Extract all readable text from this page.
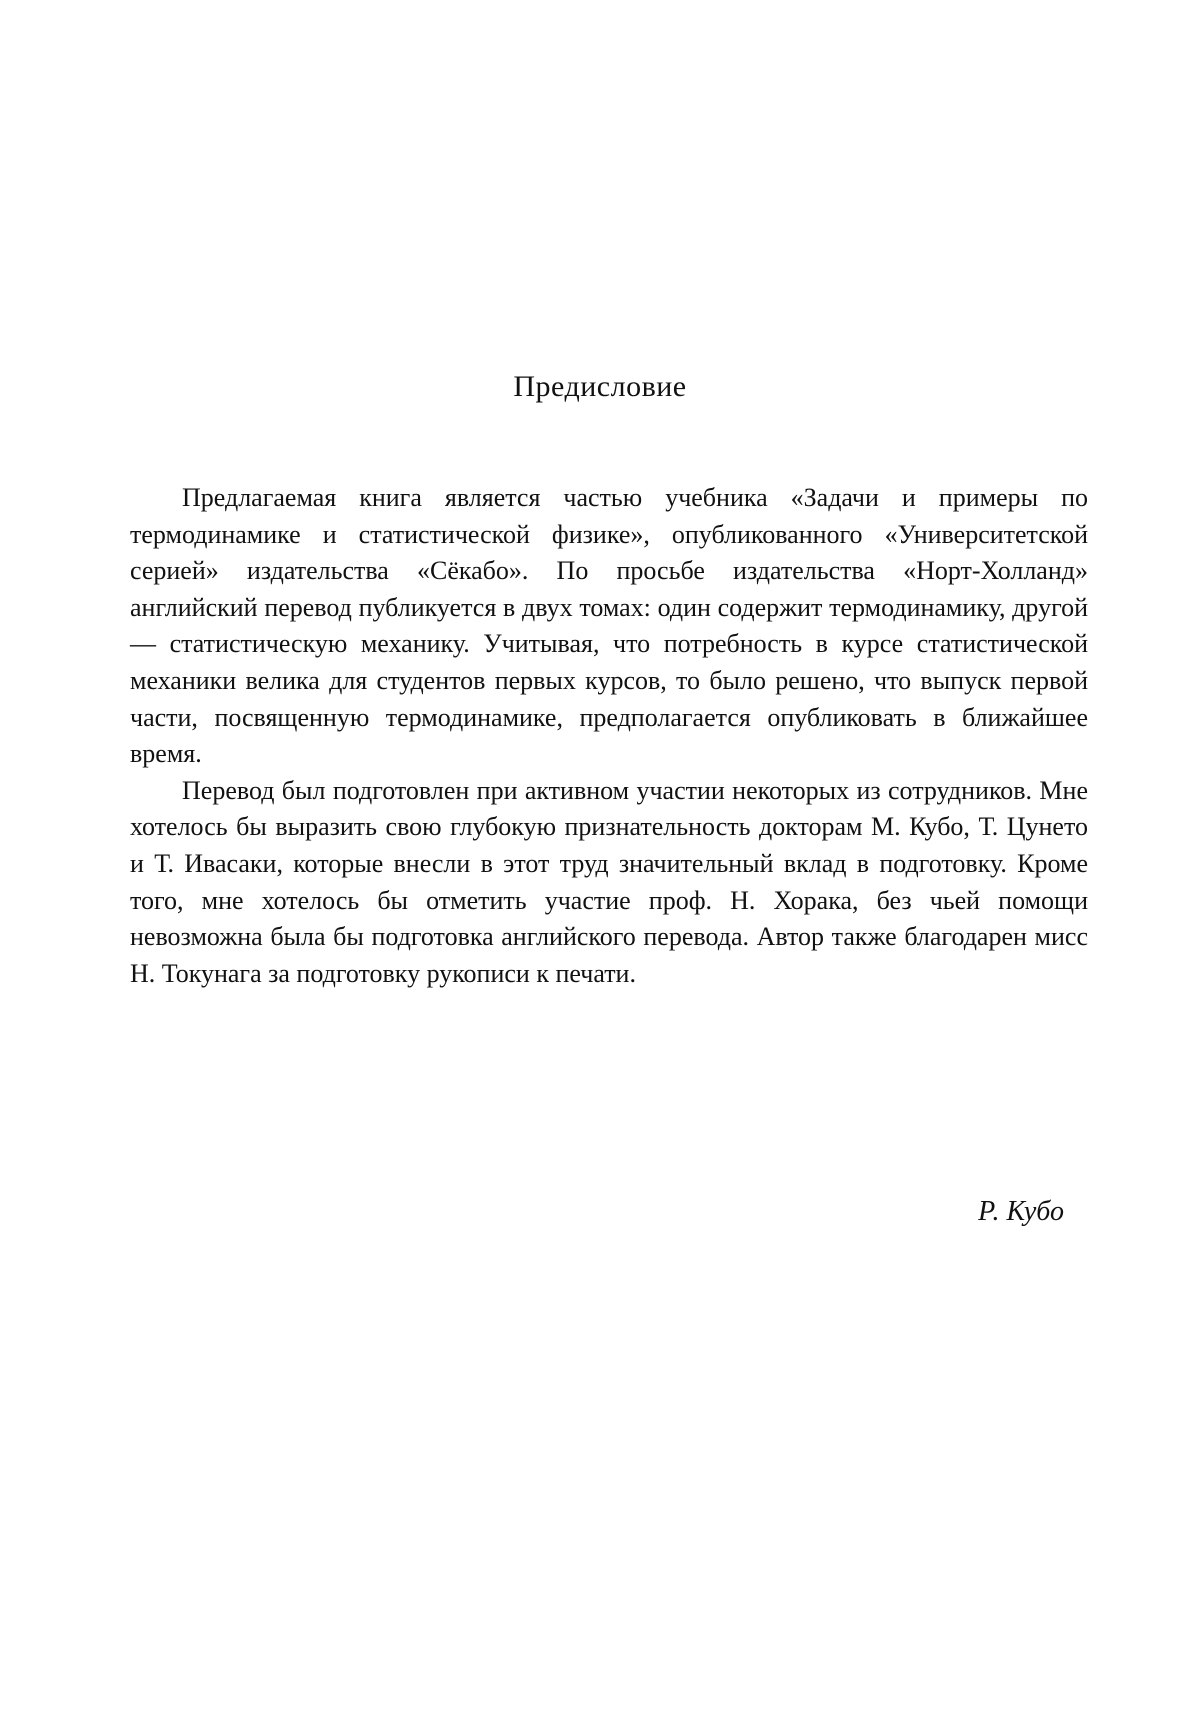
Предисловие

Предлагаемая книга является частью учебника «Задачи и примеры по термодинамике и статистической физике», опубликованного «Университетской серией» издательства «Сёкабо». По просьбе издательства «Норт-Холланд» английский перевод публикуется в двух томах: один содержит термодинамику, другой — статистическую механику. Учитывая, что потребность в курсе статистической механики велика для студентов первых курсов, то было решено, что выпуск первой части, посвященную термодинамике, предполагается опубликовать в ближайшее время.

Перевод был подготовлен при активном участии некоторых из сотрудников. Мне хотелось бы выразить свою глубокую признательность докторам М. Кубо, Т. Цунето и Т. Ивасаки, которые внесли в этот труд значительный вклад в подготовку. Кроме того, мне хотелось бы отметить участие проф. Н. Хорака, без чьей помощи невозможна была бы подготовка английского перевода. Автор также благодарен мисс Н. Токунага за подготовку рукописи к печати.

Р. Кубо
